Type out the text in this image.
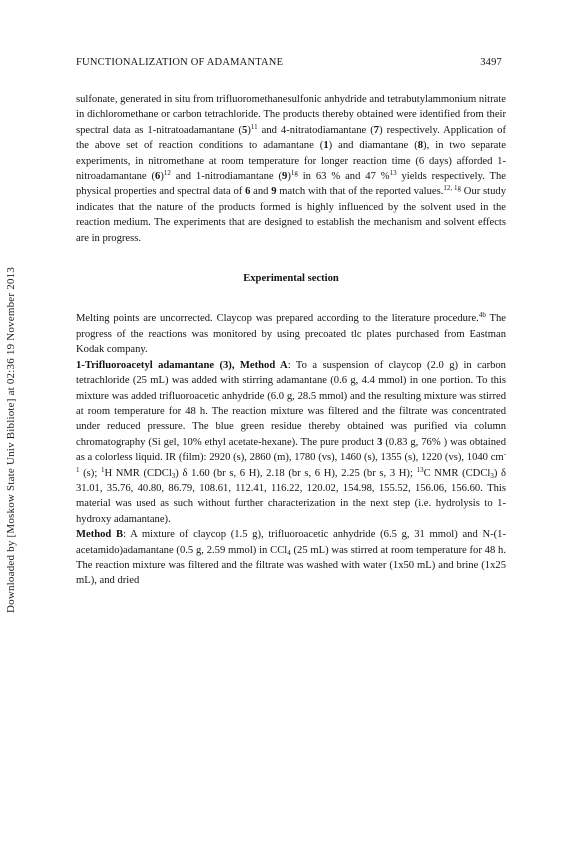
Downloaded by [Moskow State Univ Bibliote] at 02:36 19 November 2013
FUNCTIONALIZATION OF ADAMANTANE	3497

sulfonate, generated in situ from trifluoromethanesulfonic anhydride and tetrabutylammonium nitrate in dichloromethane or carbon tetrachloride. The products thereby obtained were identified from their spectral data as 1-nitratoadamantane $(5)^{11}$ and 4-nitratodiamantane (7) respectively. Application of the above set of reaction conditions to adamantane (1) and diamantane (8), in two separate experiments, in nitromethane at room temperature for longer reaction time (6 days) afforded 1-nitroadamantane $(6)^{12}$ and 1-nitrodiamantane $(9)^{1g}$ in 63 % and 47 %$^{13}$ yields respectively. The physical properties and spectral data of 6 and 9 match with that of the reported values.$^{12, 1g}$ Our study indicates that the nature of the products formed is highly influenced by the solvent used in the reaction medium. The experiments that are designed to establish the mechanism and solvent effects are in progress.

Experimental section

Melting points are uncorrected. Claycop was prepared according to the literature procedure.$^{4b}$ The progress of the reactions was monitored by using precoated tlc plates purchased from Eastman Kodak company.

1-Trifluoroacetyl adamantane (3), Method A: To a suspension of claycop (2.0 g) in carbon tetrachloride (25 mL) was added with stirring adamantane (0.6 g, 4.4 mmol) in one portion. To this mixture was added trifluoroacetic anhydride (6.0 g, 28.5 mmol) and the resulting mixture was stirred at room temperature for 48 h. The reaction mixture was filtered and the filtrate was concentrated under reduced pressure. The blue green residue thereby obtained was purified via column chromatography (Si gel, 10% ethyl acetate-hexane). The pure product 3 (0.83 g, 76% ) was obtained as a colorless liquid. IR (film): 2920 (s), 2860 (m), 1780 (vs), 1460 (s), 1355 (s), 1220 (vs), 1040 $cm^{-1}$ (s); $^1$H NMR (CDCl$_3$) δ 1.60 (br s, 6 H), 2.18 (br s, 6 H), 2.25 (br s, 3 H); $^{13}$C NMR (CDCl$_3$) δ 31.01, 35.76, 40.80, 86.79, 108.61, 112.41, 116.22, 120.02, 154.98, 155.52, 156.06, 156.60. This material was used as such without further characterization in the next step (i.e. hydrolysis to 1-hydroxy adamantane).

Method B: A mixture of claycop (1.5 g), trifluoroacetic anhydride (6.5 g, 31 mmol) and N-(1-acetamido)adamantane (0.5 g, 2.59 mmol) in CCl$_4$ (25 mL) was stirred at room temperature for 48 h. The reaction mixture was filtered and the filtrate was washed with water (1x50 mL) and brine (1x25 mL), and dried
